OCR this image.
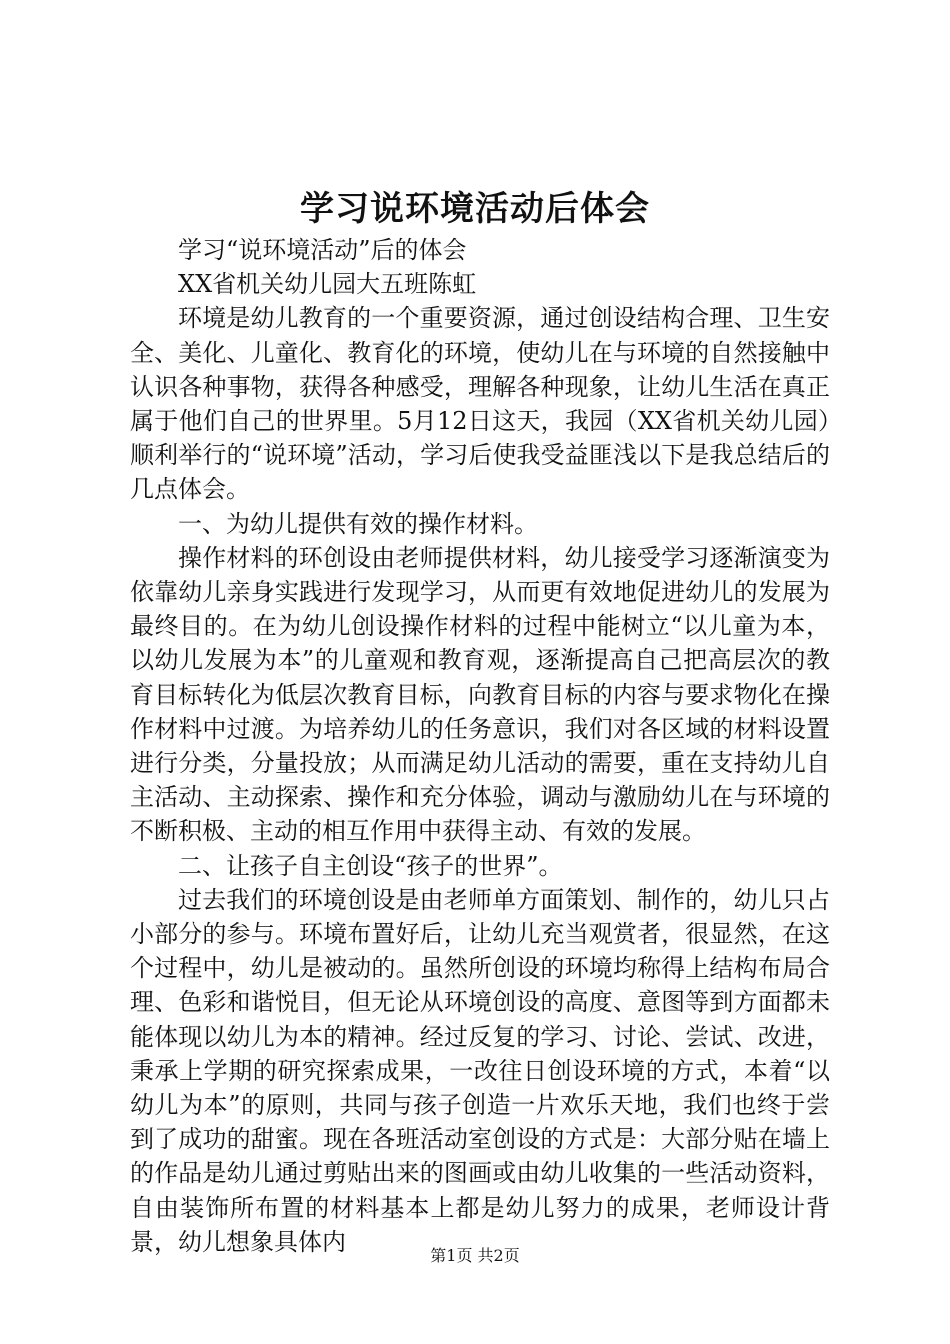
学习说环境活动后体会

学习“说环境活动”后的体会

XX省机关幼儿园大五班陈虹

环境是幼儿教育的一个重要资源，通过创设结构合理、卫生安全、美化、儿童化、教育化的环境，使幼儿在与环境的自然接触中认识各种事物，获得各种感受，理解各种现象，让幼儿生活在真正属于他们自己的世界里。5月12日这天，我园（XX省机关幼儿园）顺利举行的“说环境”活动，学习后使我受益匪浅以下是我总结后的几点体会。

一、为幼儿提供有效的操作材料。

操作材料的环创设由老师提供材料，幼儿接受学习逐渐演变为依靠幼儿亲身实践进行发现学习，从而更有效地促进幼儿的发展为最终目的。在为幼儿创设操作材料的过程中能树立“以儿童为本，以幼儿发展为本”的儿童观和教育观，逐渐提高自己把高层次的教育目标转化为低层次教育目标，向教育目标的内容与要求物化在操作材料中过渡。为培养幼儿的任务意识，我们对各区域的材料设置进行分类，分量投放；从而满足幼儿活动的需要，重在支持幼儿自主活动、主动探索、操作和充分体验，调动与激励幼儿在与环境的不断积极、主动的相互作用中获得主动、有效的发展。

二、让孩子自主创设“孩子的世界”。

过去我们的环境创设是由老师单方面策划、制作的，幼儿只占小部分的参与。环境布置好后，让幼儿充当观赏者，很显然，在这个过程中，幼儿是被动的。虽然所创设的环境均称得上结构布局合理、色彩和谐悦目，但无论从环境创设的高度、意图等到方面都未能体现以幼儿为本的精神。经过反复的学习、讨论、尝试、改进，秉承上学期的研究探索成果，一改往日创设环境的方式，本着“以幼儿为本”的原则，共同与孩子创造一片欢乐天地，我们也终于尝到了成功的甜蜜。现在各班活动室创设的方式是：大部分贴在墙上的作品是幼儿通过剪贴出来的图画或由幼儿收集的一些活动资料，自由装饰所布置的材料基本上都是幼儿努力的成果，老师设计背景，幼儿想象具体内	第1页 共2页
